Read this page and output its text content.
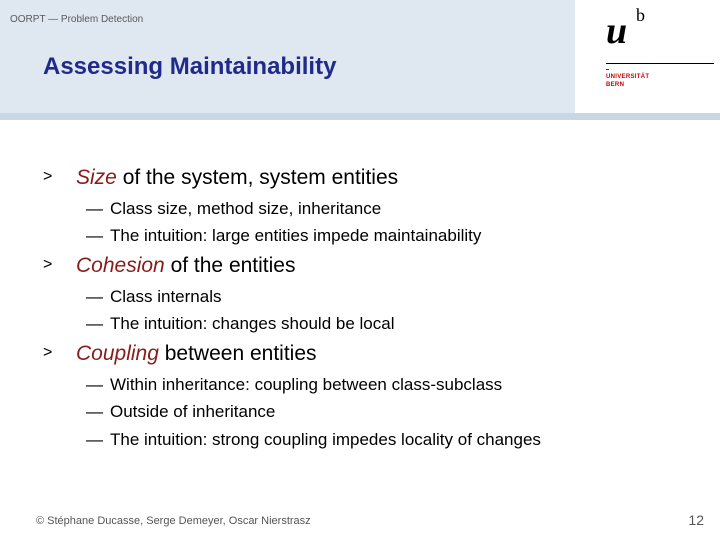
OORPT — Problem Detection
Assessing Maintainability
u b
UNIVERSITÄT
BERN
> Size of the system, system entities
— Class size, method size, inheritance
— The intuition: large entities impede maintainability
> Cohesion of the entities
— Class internals
— The intuition: changes should be local
> Coupling between entities
— Within inheritance: coupling between class-subclass
— Outside of inheritance
— The intuition: strong coupling impedes locality of changes
© Stéphane Ducasse, Serge Demeyer, Oscar Nierstrasz	12
